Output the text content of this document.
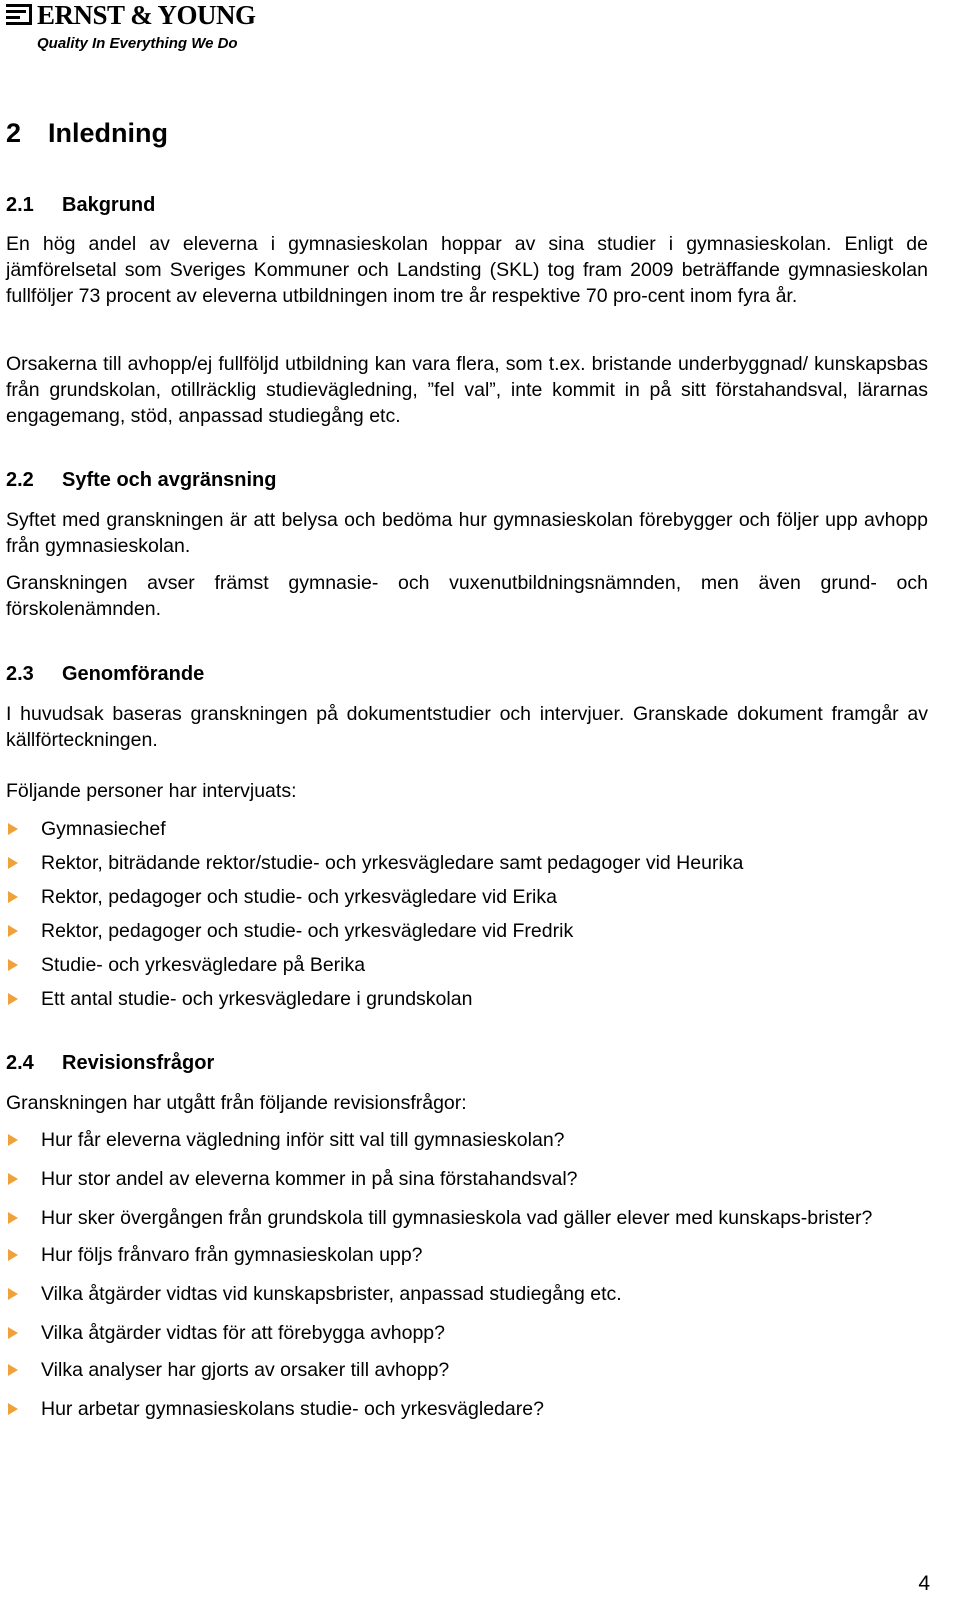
ERNST & YOUNG
Quality In Everything We Do
2 Inledning
2.1 Bakgrund
En hög andel av eleverna i gymnasieskolan hoppar av sina studier i gymnasieskolan. Enligt de jämförelsetal som Sveriges Kommuner och Landsting (SKL) tog fram 2009 beträffande gymnasieskolan fullföljer 73 procent av eleverna utbildningen inom tre år respektive 70 pro-cent inom fyra år.
Orsakerna till avhopp/ej fullföljd utbildning kan vara flera, som t.ex. bristande underbyggnad/ kunskapsbas från grundskolan, otillräcklig studievägledning, ”fel val”, inte kommit in på sitt förstahandsval, lärarnas engagemang, stöd, anpassad studiegång etc.
2.2 Syfte och avgränsning
Syftet med granskningen är att belysa och bedöma hur gymnasieskolan förebygger och följer upp avhopp från gymnasieskolan.
Granskningen avser främst gymnasie- och vuxenutbildningsnämnden, men även grund- och förskolenämnden.
2.3 Genomförande
I huvudsak baseras granskningen på dokumentstudier och intervjuer. Granskade dokument framgår av källförteckningen.
Följande personer har intervjuats:
Gymnasiechef
Rektor, biträdande rektor/studie- och yrkesvägledare samt pedagoger vid Heurika
Rektor, pedagoger och studie- och yrkesvägledare vid Erika
Rektor, pedagoger och studie- och yrkesvägledare vid Fredrik
Studie- och yrkesvägledare på Berika
Ett antal studie- och yrkesvägledare i grundskolan
2.4 Revisionsfrågor
Granskningen har utgått från följande revisionsfrågor:
Hur får eleverna vägledning inför sitt val till gymnasieskolan?
Hur stor andel av eleverna kommer in på sina förstahandsval?
Hur sker övergången från grundskola till gymnasieskola vad gäller elever med kunskaps-brister?
Hur följs frånvaro från gymnasieskolan upp?
Vilka åtgärder vidtas vid kunskapsbrister, anpassad studiegång etc.
Vilka åtgärder vidtas för att förebygga avhopp?
Vilka analyser har gjorts av orsaker till avhopp?
Hur arbetar gymnasieskolans studie- och yrkesvägledare?
4
